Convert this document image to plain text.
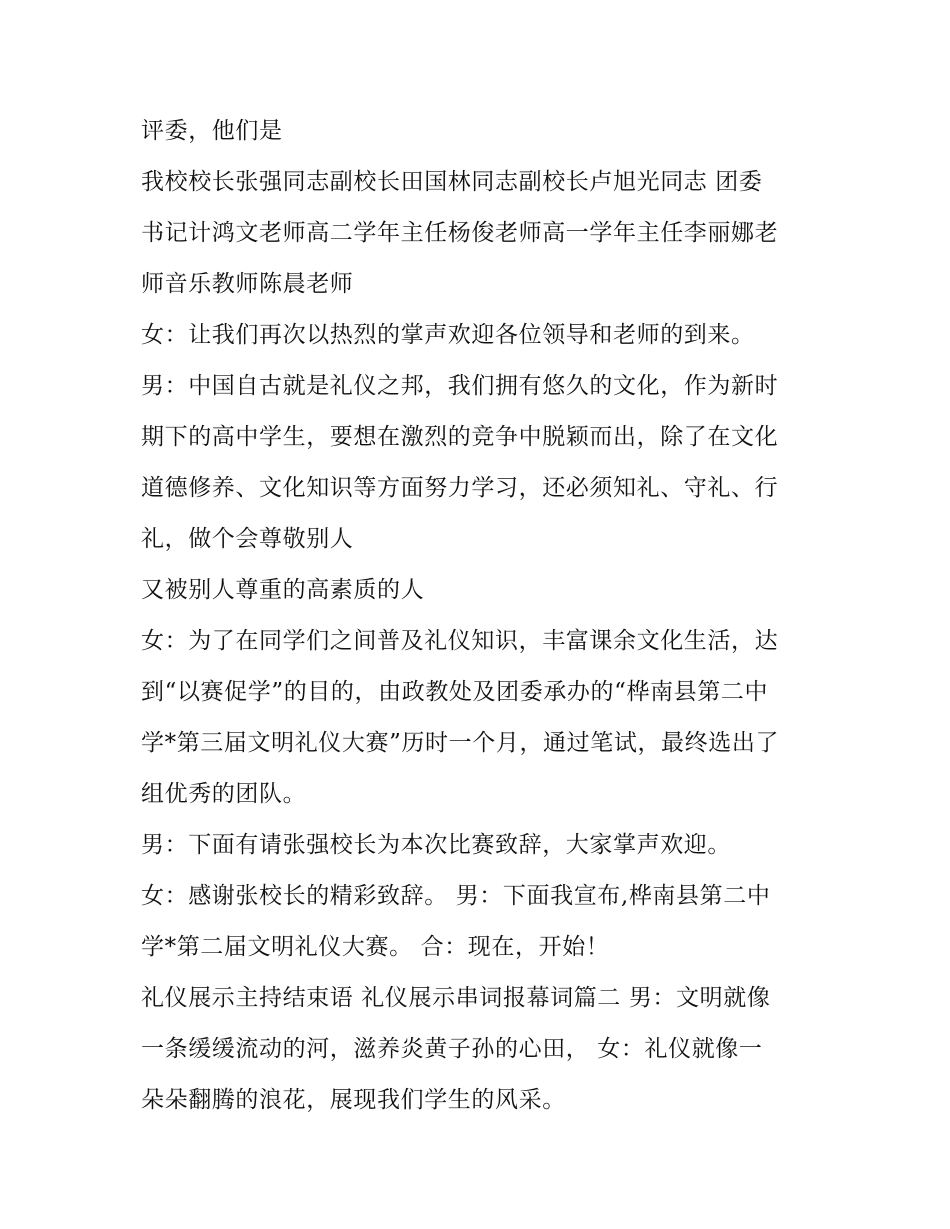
评委，他们是
我校校长张强同志副校长田国林同志副校长卢旭光同志 团委
书记计鸿文老师高二学年主任杨俊老师高一学年主任李丽娜老
师音乐教师陈晨老师
女：让我们再次以热烈的掌声欢迎各位领导和老师的到来。
男：中国自古就是礼仪之邦，我们拥有悠久的文化，作为新时
期下的高中学生，要想在激烈的竞争中脱颖而出，除了在文化
道德修养、文化知识等方面努力学习，还必须知礼、守礼、行
礼，做个会尊敬别人
又被别人尊重的高素质的人
女：为了在同学们之间普及礼仪知识，丰富课余文化生活，达
到“以赛促学”的目的，由政教处及团委承办的“桦南县第二中
学*第三届文明礼仪大赛”历时一个月，通过笔试，最终选出了
组优秀的团队。
男：下面有请张强校长为本次比赛致辞，大家掌声欢迎。
女：感谢张校长的精彩致辞。 男：下面我宣布,桦南县第二中
学*第二届文明礼仪大赛。 合：现在，开始！
礼仪展示主持结束语 礼仪展示串词报幕词篇二 男：文明就像
一条缓缓流动的河，滋养炎黄子孙的心田， 女：礼仪就像一
朵朵翻腾的浪花，展现我们学生的风采。
